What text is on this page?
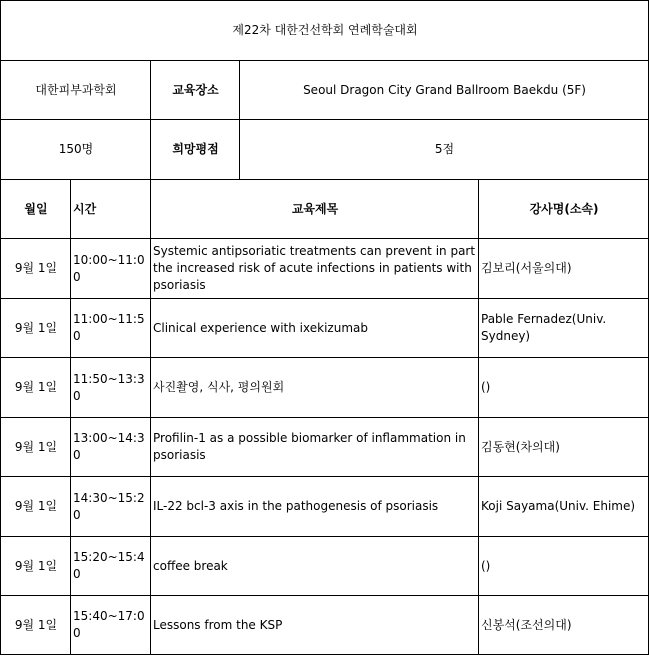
제22차 대한건선학회 연례학술대회				
대한피부과학회		교육장소	Seoul Dragon City Grand Ballroom Baekdu (5F)	
150명		희망평점	5점	
월일	시간	교육제목		강사명(소속)
9월 1일	10:00~11:00	Systemic antipsoriatic treatments can prevent in part the increased risk of acute infections in patients with psoriasis		김보리(서울의대)
9월 1일	11:00~11:50	Clinical experience with ixekizumab		Pable Fernadez(Univ. Sydney)
9월 1일	11:50~13:30	사진촬영, 식사, 평의원회		()
9월 1일	13:00~14:30	Profilin-1 as a possible biomarker of inflammation in psoriasis		김동현(차의대)
9월 1일	14:30~15:20	IL-22 bcl-3 axis in the pathogenesis of psoriasis		Koji Sayama(Univ. Ehime)
9월 1일	15:20~15:40	coffee break		()
9월 1일	15:40~17:00	Lessons from the KSP		신봉석(조선의대)
